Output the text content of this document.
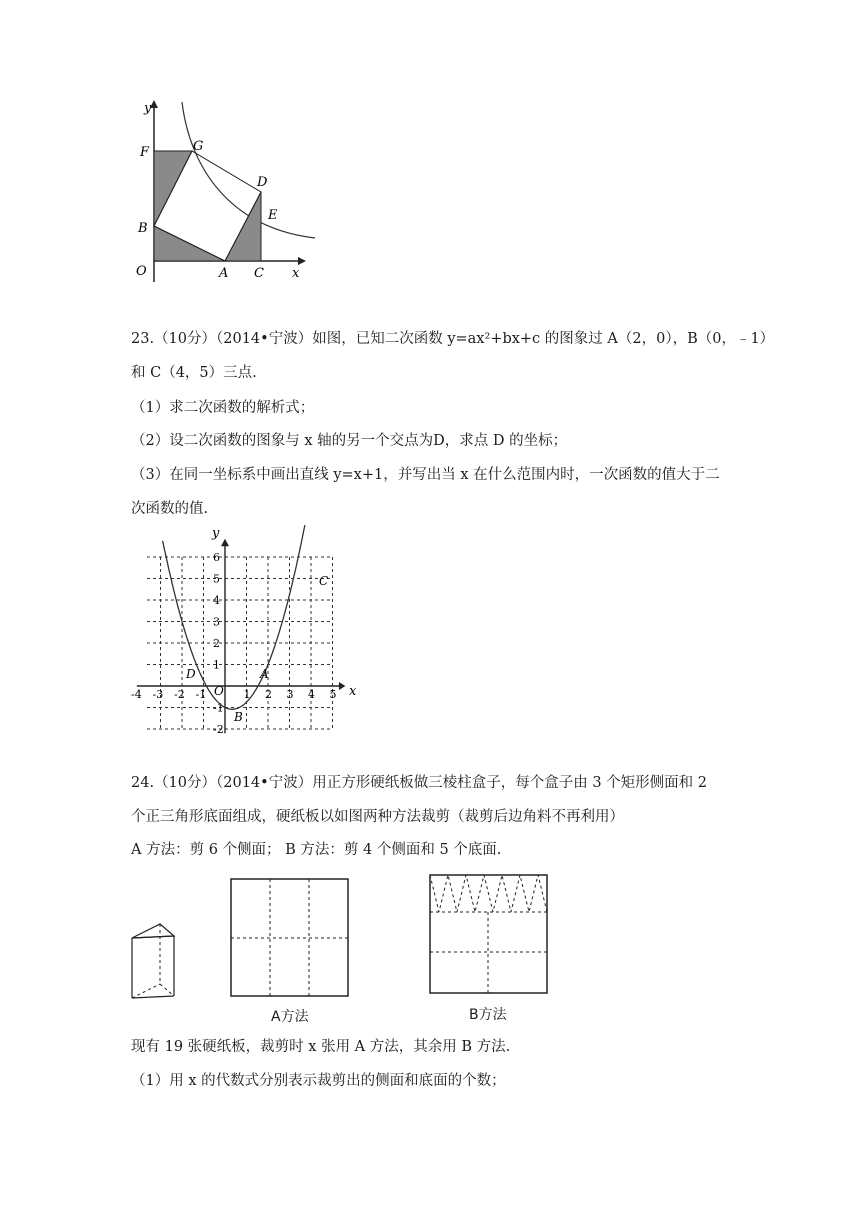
y
F	G
B
D
E
O	A C x
23.（10分）（2014•宁波）如图，已知二次函数 y=ax²+bx+c 的图象过 A（2，0），B（0，﹣1）
和 C（4，5）三点.
（1）求二次函数的解析式；
（2）设二次函数的图象与 x 轴的另一个交点为D，求点 D 的坐标；
（3）在同一坐标系中画出直线 y=x+1，并写出当 x 在什么范围内时，一次函数的值大于二
次函数的值.
-4 -3 -2 -1	1 2 3 4 5
6
5
4
3
2
1
-1
-2
y
x
O
A
B
C
D
24.（10分）（2014•宁波）用正方形硬纸板做三棱柱盒子，每个盒子由 3 个矩形侧面和 2
个正三角形底面组成，硬纸板以如图两种方法裁剪（裁剪后边角料不再利用）
A 方法：剪 6 个侧面； B 方法：剪 4 个侧面和 5 个底面.
A方法	B方法
现有 19 张硬纸板，裁剪时 x 张用 A 方法，其余用 B 方法.
（1）用 x 的代数式分别表示裁剪出的侧面和底面的个数；
